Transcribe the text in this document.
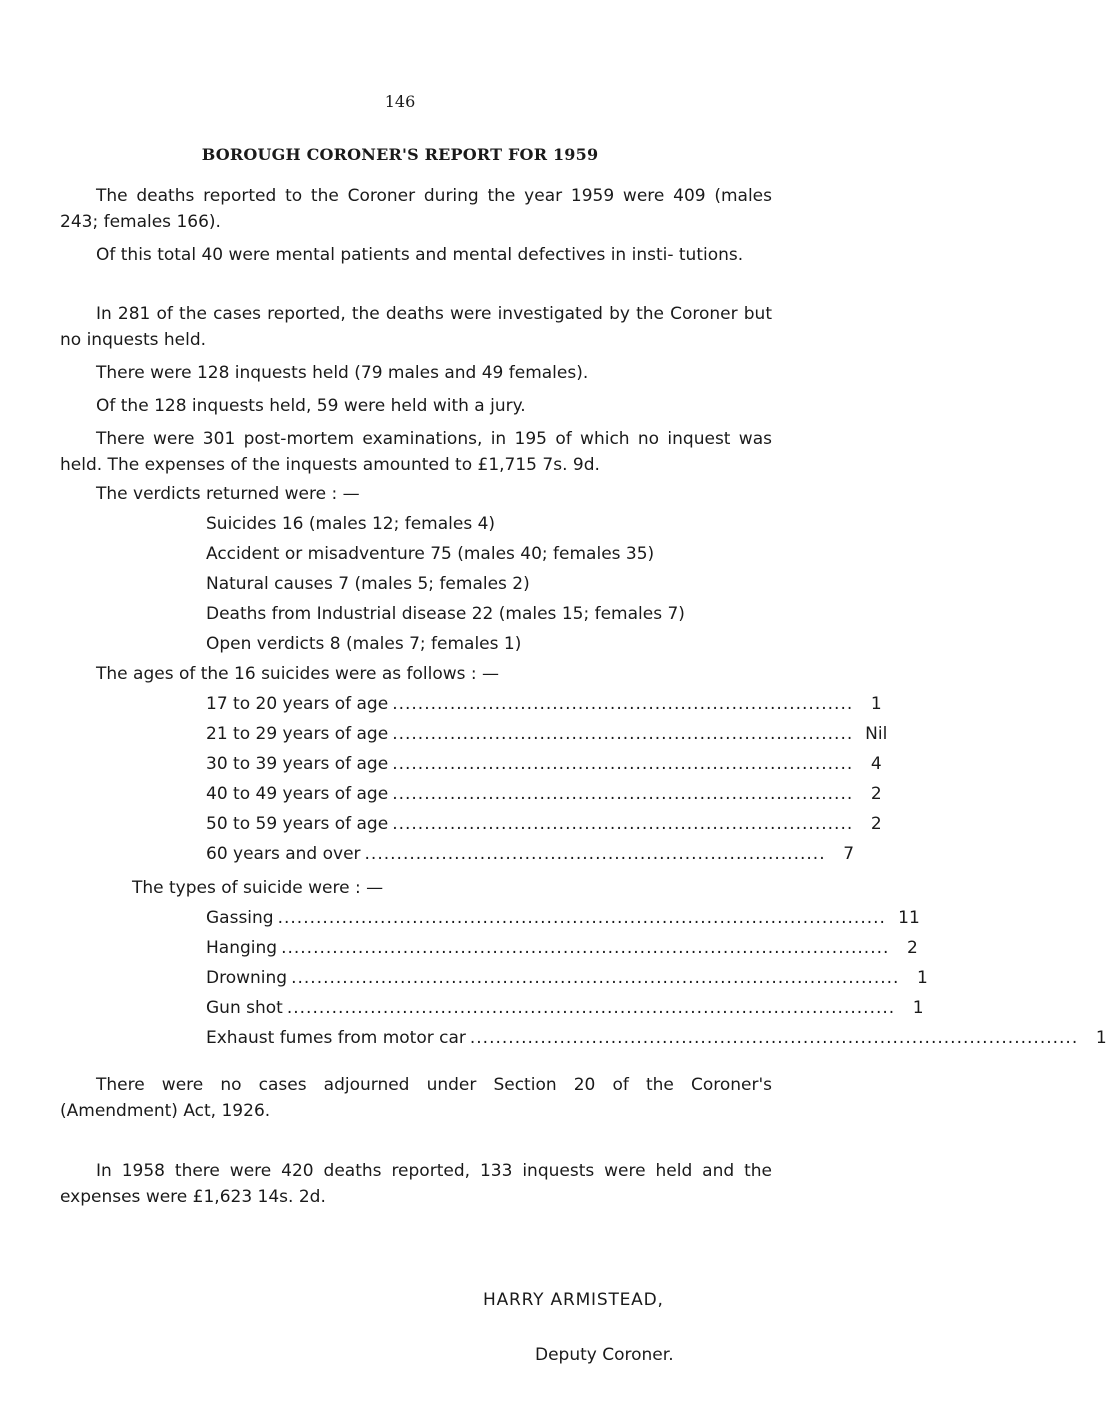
146
BOROUGH CORONER'S REPORT FOR 1959

The deaths reported to the Coroner during the year 1959 were 409 (males 243; females 166).

Of this total 40 were mental patients and mental defectives in insti- tutions.

In 281 of the cases reported, the deaths were investigated by the Coroner but no inquests held.

There were 128 inquests held (79 males and 49 females).

Of the 128 inquests held, 59 were held with a jury.

There were 301 post-mortem examinations, in 195 of which no inquest was held. The expenses of the inquests amounted to £1,715 7s. 9d.

The verdicts returned were : —

Suicides 16 (males 12; females 4)

Accident or misadventure 75 (males 40; females 35)

Natural causes 7 (males 5; females 2)

Deaths from Industrial disease 22 (males 15; females 7)

Open verdicts 8 (males 7; females 1)

The ages of the 16 suicides were as follows : —

17 to 20 years of age ........................................................................	1
21 to 29 years of age ........................................................................ Nil
30 to 39 years of age ........................................................................	4
40 to 49 years of age ........................................................................	2
50 to 59 years of age ........................................................................	2
60 years and over ........................................................................	7

The types of suicide were : —

Gassing ............................................................................................... 11
Hanging ...............................................................................................	2
Drowning ...............................................................................................	1
Gun shot ...............................................................................................	1
Exhaust fumes from motor car ...............................................................................................	1

There were no cases adjourned under Section 20 of the Coroner's (Amendment) Act, 1926.

In 1958 there were 420 deaths reported, 133 inquests were held and the expenses were £1,623 14s. 2d.

HARRY ARMISTEAD,
Deputy Coroner.
